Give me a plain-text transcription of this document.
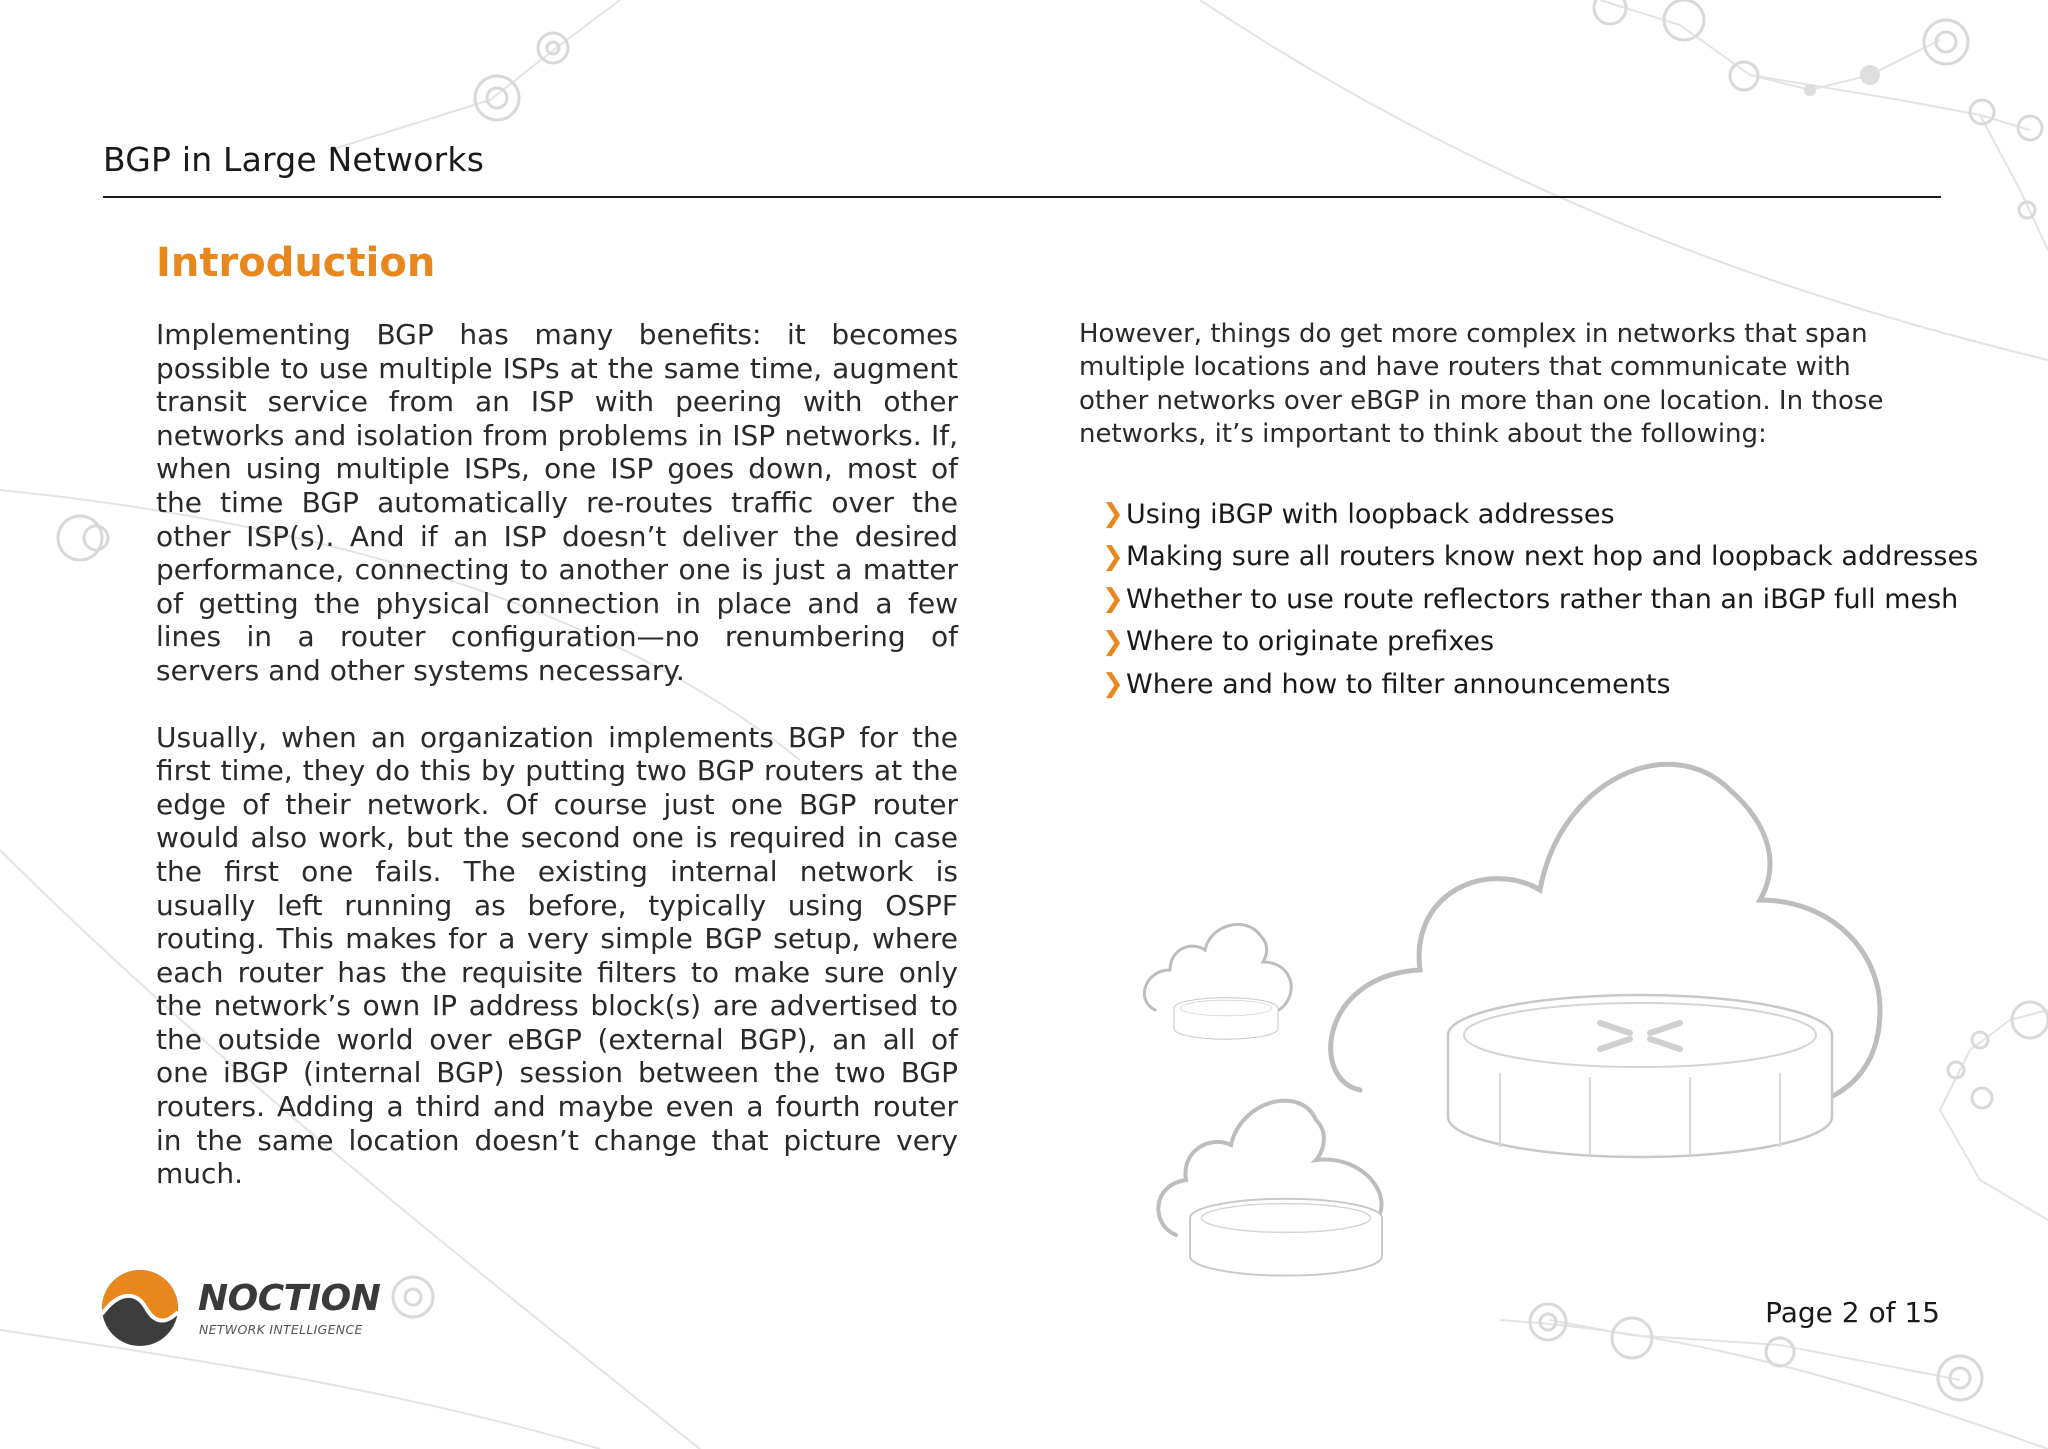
BGP in Large Networks
Introduction

Implementing BGP has many benefits: it becomes possible to use multiple ISPs at the same time, augment transit service from an ISP with peering with other networks and isolation from problems in ISP networks. If, when using multiple ISPs, one ISP goes down, most of the time BGP automatically re-routes traffic over the other ISP(s). And if an ISP doesn’t deliver the desired performance, connecting to another one is just a matter of getting the physical connection in place and a few lines in a router configuration—no renumbering of servers and other systems necessary.

Usually, when an organization implements BGP for the first time, they do this by putting two BGP routers at the edge of their network. Of course just one BGP router would also work, but the second one is required in case the first one fails. The existing internal network is usually left running as before, typically using OSPF routing. This makes for a very simple BGP setup, where each router has the requisite filters to make sure only the network’s own IP address block(s) are advertised to the outside world over eBGP (external BGP), an all of one iBGP (internal BGP) session between the two BGP routers. Adding a third and maybe even a fourth router in the same location doesn’t change that picture very much.

However, things do get more complex in networks that span multiple locations and have routers that communicate with other networks over eBGP in more than one location. In those networks, it’s important to think about the following:

❯ Using iBGP with loopback addresses
❯ Making sure all routers know next hop and loopback addresses
❯ Whether to use route reflectors rather than an iBGP full mesh
❯ Where to originate prefixes
❯ Where and how to filter announcements
NOCTION
NETWORK INTELLIGENCE
Page 2 of 15
